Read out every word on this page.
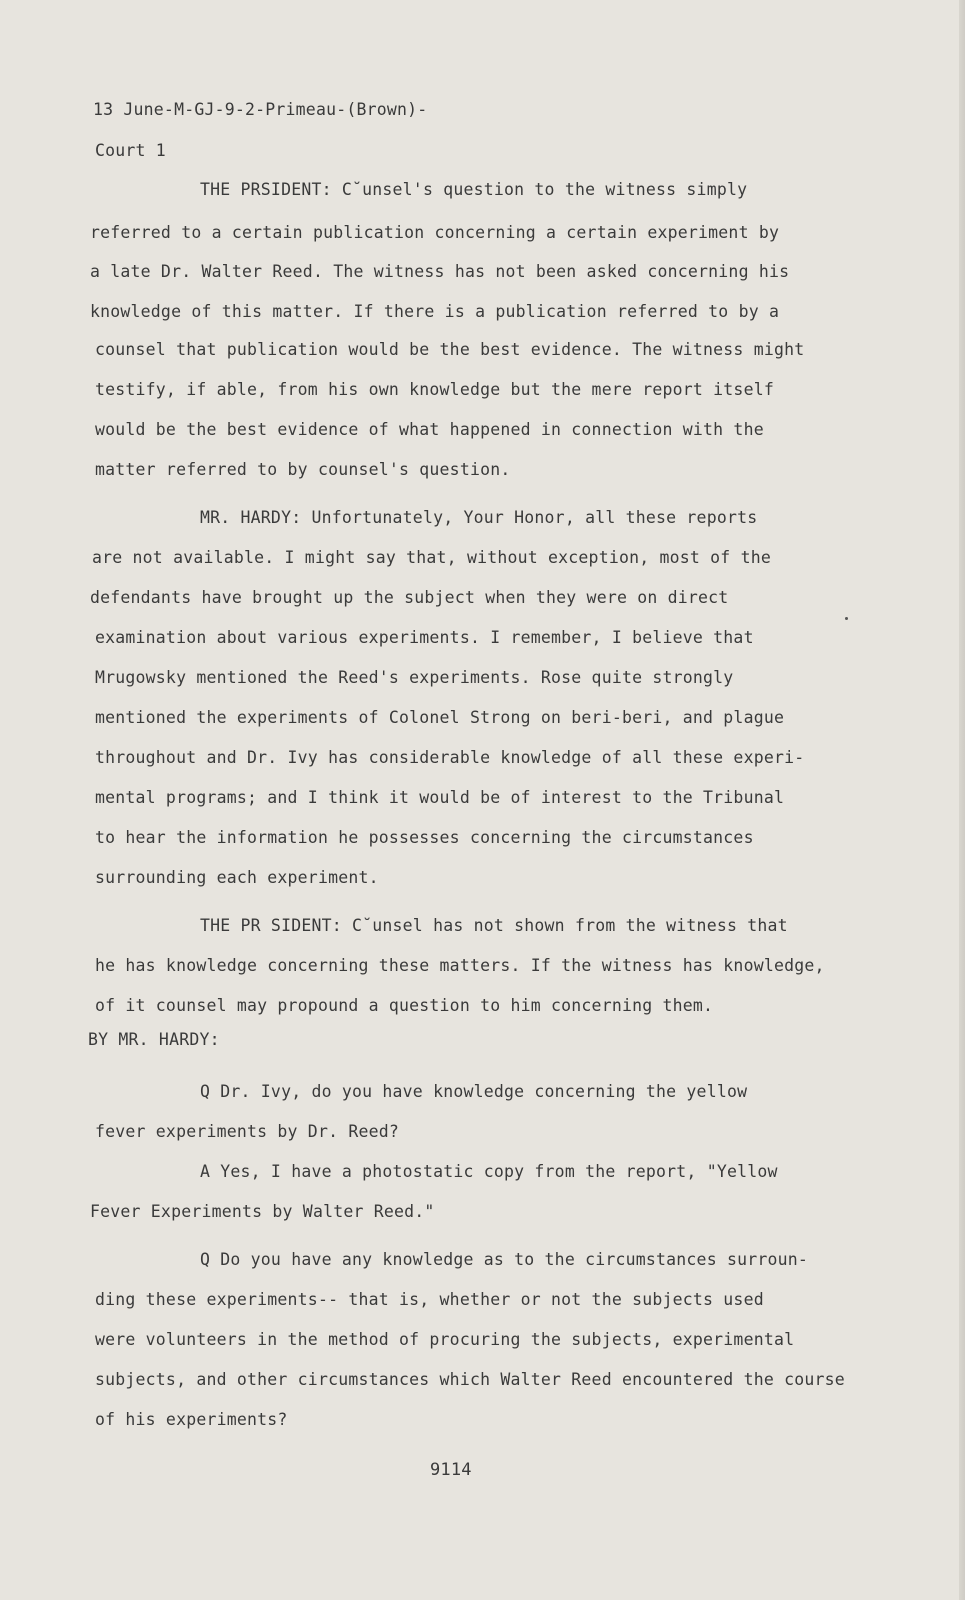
13 June-M-GJ-9-2-Primeau-(Brown)-
Court 1
THE PRSIDENT: C˘unsel's question to the witness simply
referred to a certain publication concerning a certain experiment by
a late Dr. Walter Reed. The witness has not been asked concerning his
knowledge of this matter. If there is a publication referred to by a
counsel that publication would be the best evidence. The witness might
testify, if able, from his own knowledge but the mere report itself
would be the best evidence of what happened in connection with the
matter referred to by counsel's question.
MR. HARDY: Unfortunately, Your Honor, all these reports
are not available. I might say that, without exception, most of the
defendants have brought up the subject when they were on direct
examination about various experiments. I remember, I believe that
Mrugowsky mentioned the Reed's experiments. Rose quite strongly
mentioned the experiments of Colonel Strong on beri-beri, and plague
throughout and Dr. Ivy has considerable knowledge of all these experi-
mental programs; and I think it would be of interest to the Tribunal
to hear the information he possesses concerning the circumstances
surrounding each experiment.
THE PR SIDENT: C˘unsel has not shown from the witness that
he has knowledge concerning these matters. If the witness has knowledge,
of it counsel may propound a question to him concerning them.
BY MR. HARDY:
Q Dr. Ivy, do you have knowledge concerning the yellow
fever experiments by Dr. Reed?
A Yes, I have a photostatic copy from the report, "Yellow
Fever Experiments by Walter Reed."
Q Do you have any knowledge as to the circumstances surroun-
ding these experiments-- that is, whether or not the subjects used
were volunteers in the method of procuring the subjects, experimental
subjects, and other circumstances which Walter Reed encountered the course
of his experiments?
9114
